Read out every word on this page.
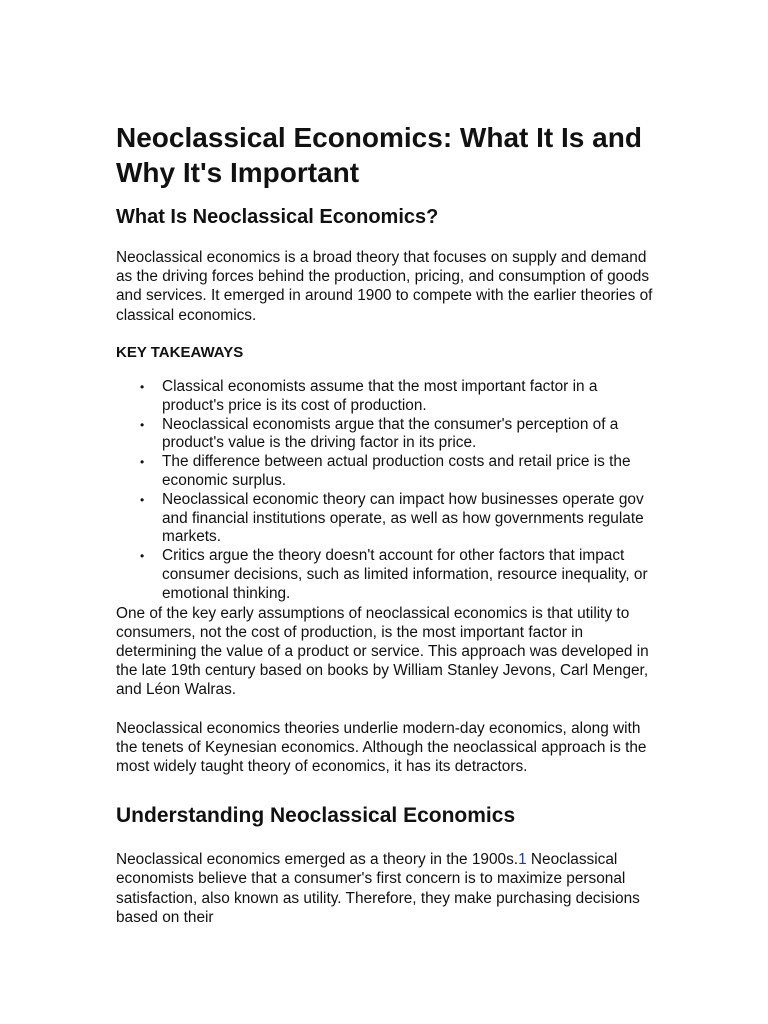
Neoclassical Economics: What It Is and Why It's Important
What Is Neoclassical Economics?

Neoclassical economics is a broad theory that focuses on supply and demand as the driving forces behind the production, pricing, and consumption of goods and services. It emerged in around 1900 to compete with the earlier theories of classical economics.

KEY TAKEAWAYS

• Classical economists assume that the most important factor in a product's price is its cost of production.
• Neoclassical economists argue that the consumer's perception of a product's value is the driving factor in its price.
• The difference between actual production costs and retail price is the economic surplus.
• Neoclassical economic theory can impact how businesses operate gov and financial institutions operate, as well as how governments regulate markets.
• Critics argue the theory doesn't account for other factors that impact consumer decisions, such as limited information, resource inequality, or emotional thinking.

One of the key early assumptions of neoclassical economics is that utility to consumers, not the cost of production, is the most important factor in determining the value of a product or service. This approach was developed in the late 19th century based on books by William Stanley Jevons, Carl Menger, and Léon Walras.

Neoclassical economics theories underlie modern-day economics, along with the tenets of Keynesian economics. Although the neoclassical approach is the most widely taught theory of economics, it has its detractors.

Understanding Neoclassical Economics

Neoclassical economics emerged as a theory in the 1900s.1 Neoclassical economists believe that a consumer's first concern is to maximize personal satisfaction, also known as utility. Therefore, they make purchasing decisions based on their
